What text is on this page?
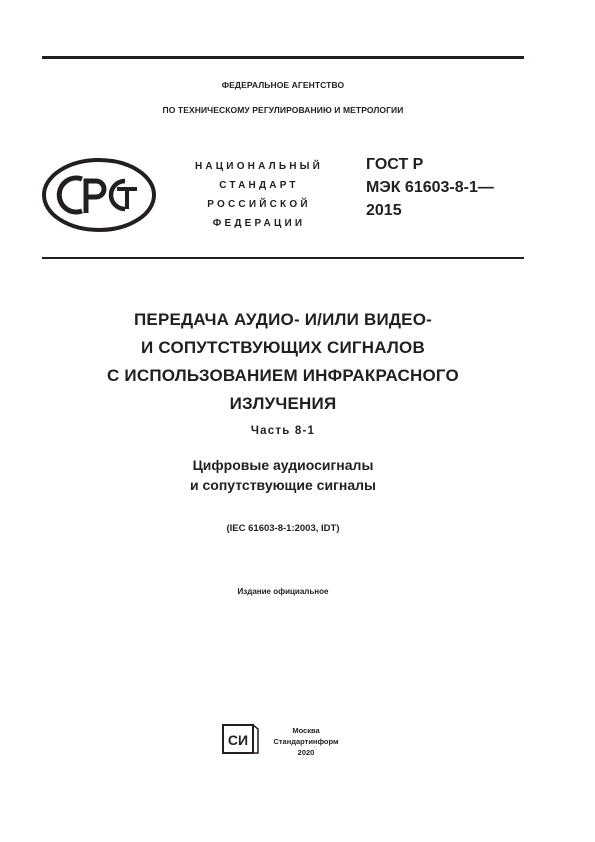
ФЕДЕРАЛЬНОЕ АГЕНТСТВО
ПО ТЕХНИЧЕСКОМУ РЕГУЛИРОВАНИЮ И МЕТРОЛОГИИ
НАЦИОНАЛЬНЫЙ
СТАНДАРТ
РОССИЙСКОЙ
ФЕДЕРАЦИИ
ГОСТ Р
МЭК 61603-8-1—
2015
ПЕРЕДАЧА АУДИО- И/ИЛИ ВИДЕО-
И СОПУТСТВУЮЩИХ СИГНАЛОВ
С ИСПОЛЬЗОВАНИЕМ ИНФРАКРАСНОГО
ИЗЛУЧЕНИЯ
Часть 8-1
Цифровые аудиосигналы
и сопутствующие сигналы
(IEC 61603-8-1:2003, IDT)
Издание официальное
СИ
Москва
Стандартинформ
2020
